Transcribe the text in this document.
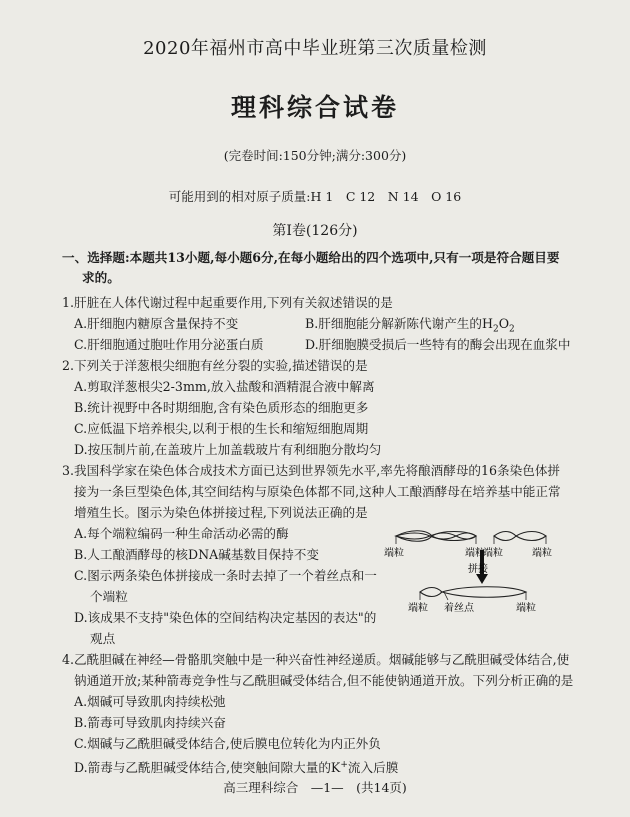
2020年福州市高中毕业班第三次质量检测
理科综合试卷
(完卷时间:150分钟;满分:300分)
可能用到的相对原子质量:H 1　C 12　N 14　O 16
第Ⅰ卷(126分)
一、选择题:本题共13小题,每小题6分,在每小题给出的四个选项中,只有一项是符合题目要
求的。
1.肝脏在人体代谢过程中起重要作用,下列有关叙述错误的是
A.肝细胞内糖原含量保持不变	B.肝细胞能分解新陈代谢产生的$H_2O_2$
C.肝细胞通过胞吐作用分泌蛋白质	D.肝细胞膜受损后一些特有的酶会出现在血浆中
2.下列关于洋葱根尖细胞有丝分裂的实验,描述错误的是
A.剪取洋葱根尖2-3mm,放入盐酸和酒精混合液中解离
B.统计视野中各时期细胞,含有染色质形态的细胞更多
C.应低温下培养根尖,以利于根的生长和缩短细胞周期
D.按压制片前,在盖玻片上加盖载玻片有利细胞分散均匀
3.我国科学家在染色体合成技术方面已达到世界领先水平,率先将酿酒酵母的16条染色体拼
接为一条巨型染色体,其空间结构与原染色体都不同,这种人工酿酒酵母在培养基中能正常
增殖生长。图示为染色体拼接过程,下列说法正确的是
A.每个端粒编码一种生命活动必需的酶
B.人工酿酒酵母的核DNA碱基数目保持不变
C.图示两条染色体拼接成一条时去掉了一个着丝点和一
个端粒
D.该成果不支持"染色体的空间结构决定基因的表达"的
观点
端粒	端粒
端粒	端粒
拼接
端粒 着丝点	端粒
4.乙酰胆碱在神经—骨骼肌突触中是一种兴奋性神经递质。烟碱能够与乙酰胆碱受体结合,使
钠通道开放;某种箭毒竞争性与乙酰胆碱受体结合,但不能使钠通道开放。下列分析正确的是
A.烟碱可导致肌肉持续松弛
B.箭毒可导致肌肉持续兴奋
C.烟碱与乙酰胆碱受体结合,使后膜电位转化为内正外负
D.箭毒与乙酰胆碱受体结合,使突触间隙大量的K+流入后膜
高三理科综合　—1—　(共14页)
